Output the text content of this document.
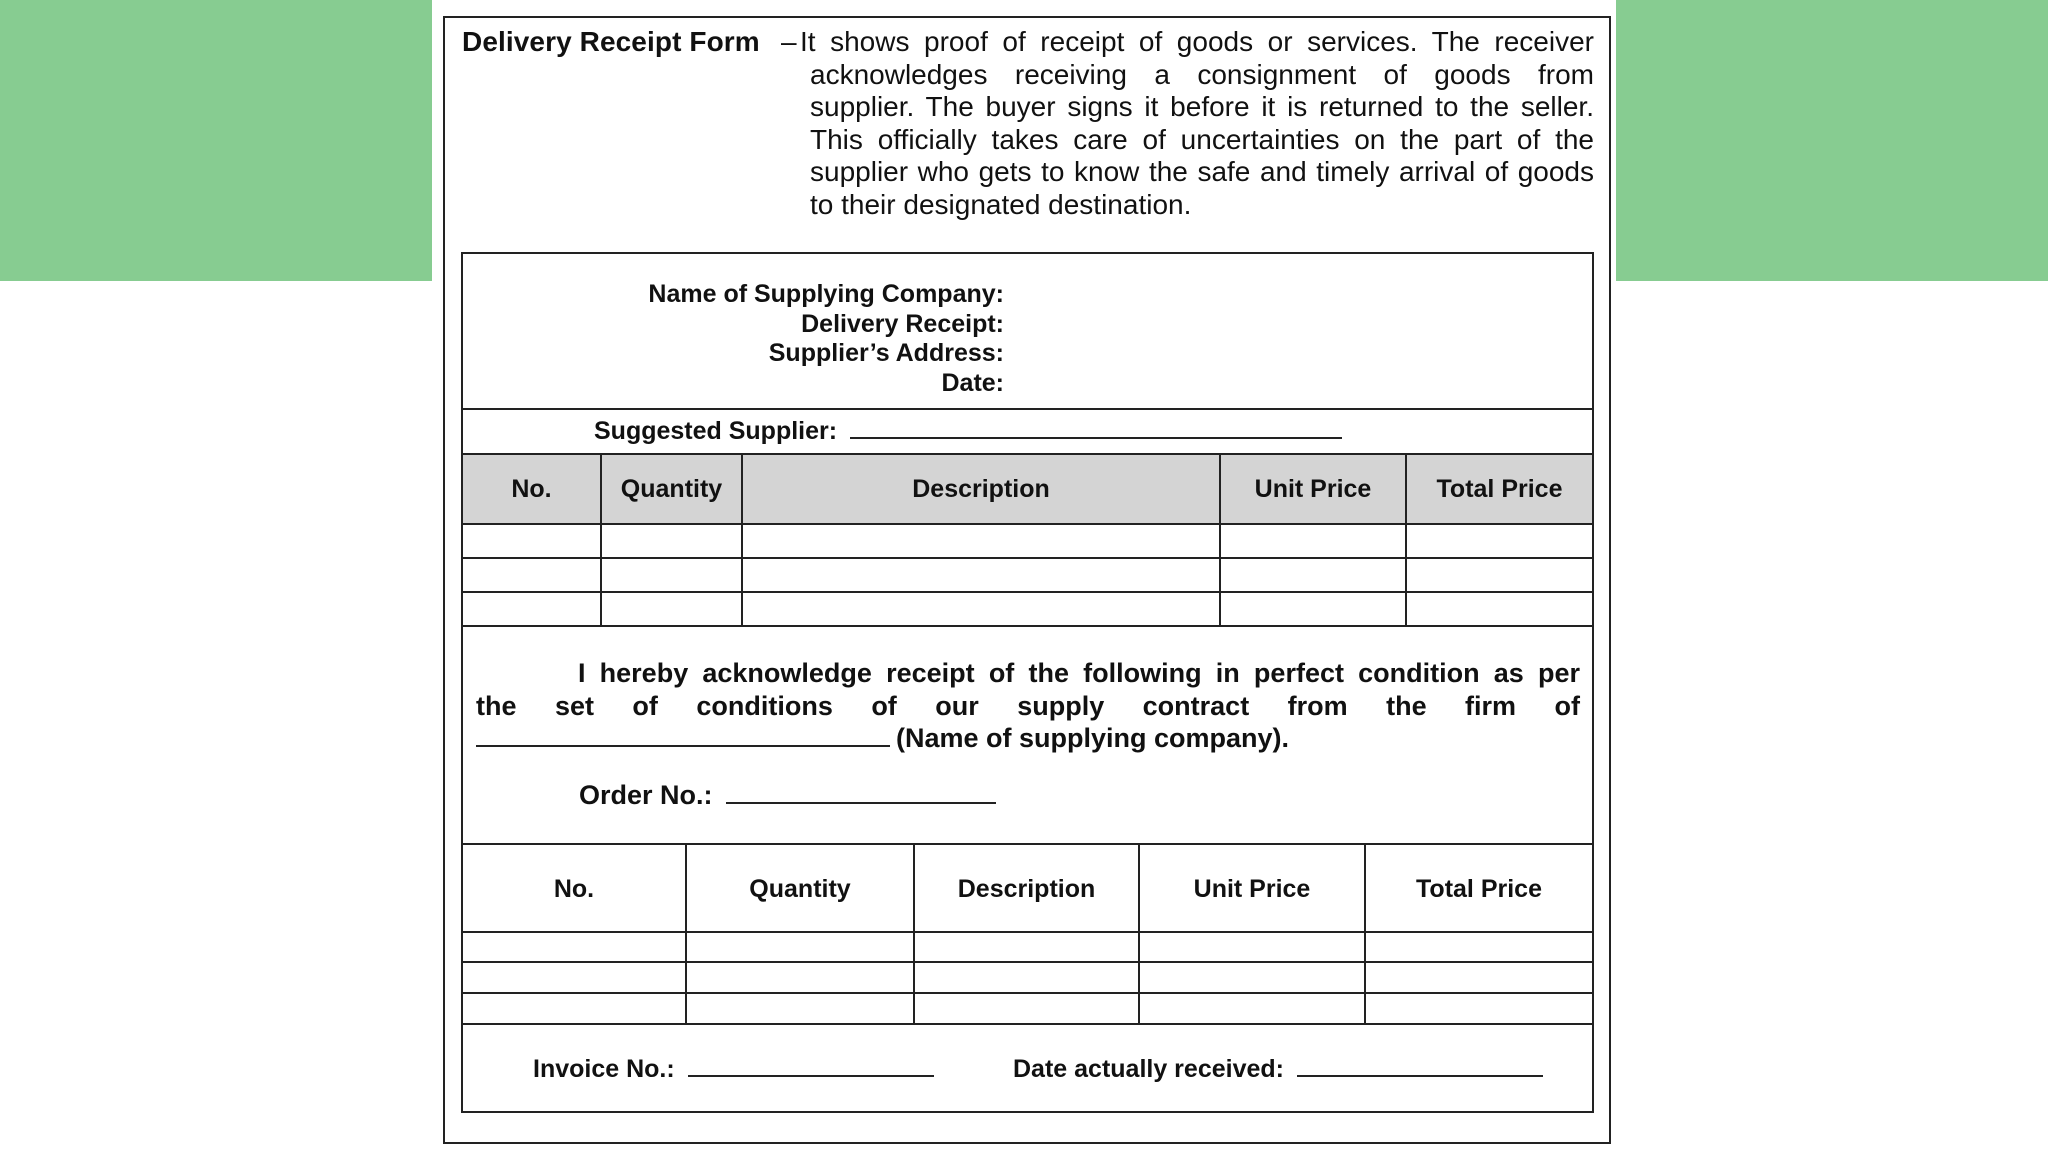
Delivery Receipt Form – It shows proof of receipt of goods or services. The receiver
acknowledges receiving a consignment of goods from
supplier. The buyer signs it before it is returned to the seller.
This officially takes care of uncertainties on the part of the
supplier who gets to know the safe and timely arrival of goods
to their designated destination.
Name of Supplying Company:
Delivery Receipt:
Supplier’s Address:
Date:
Suggested Supplier:
No.	Quantity	Description	Unit Price	Total Price
I hereby acknowledge receipt of the following in perfect condition as per
the set of conditions of our supply contract from the firm of
(Name of supplying company).
Order No.:
No.	Quantity	Description	Unit Price	Total Price
Invoice No.:	Date actually received:
